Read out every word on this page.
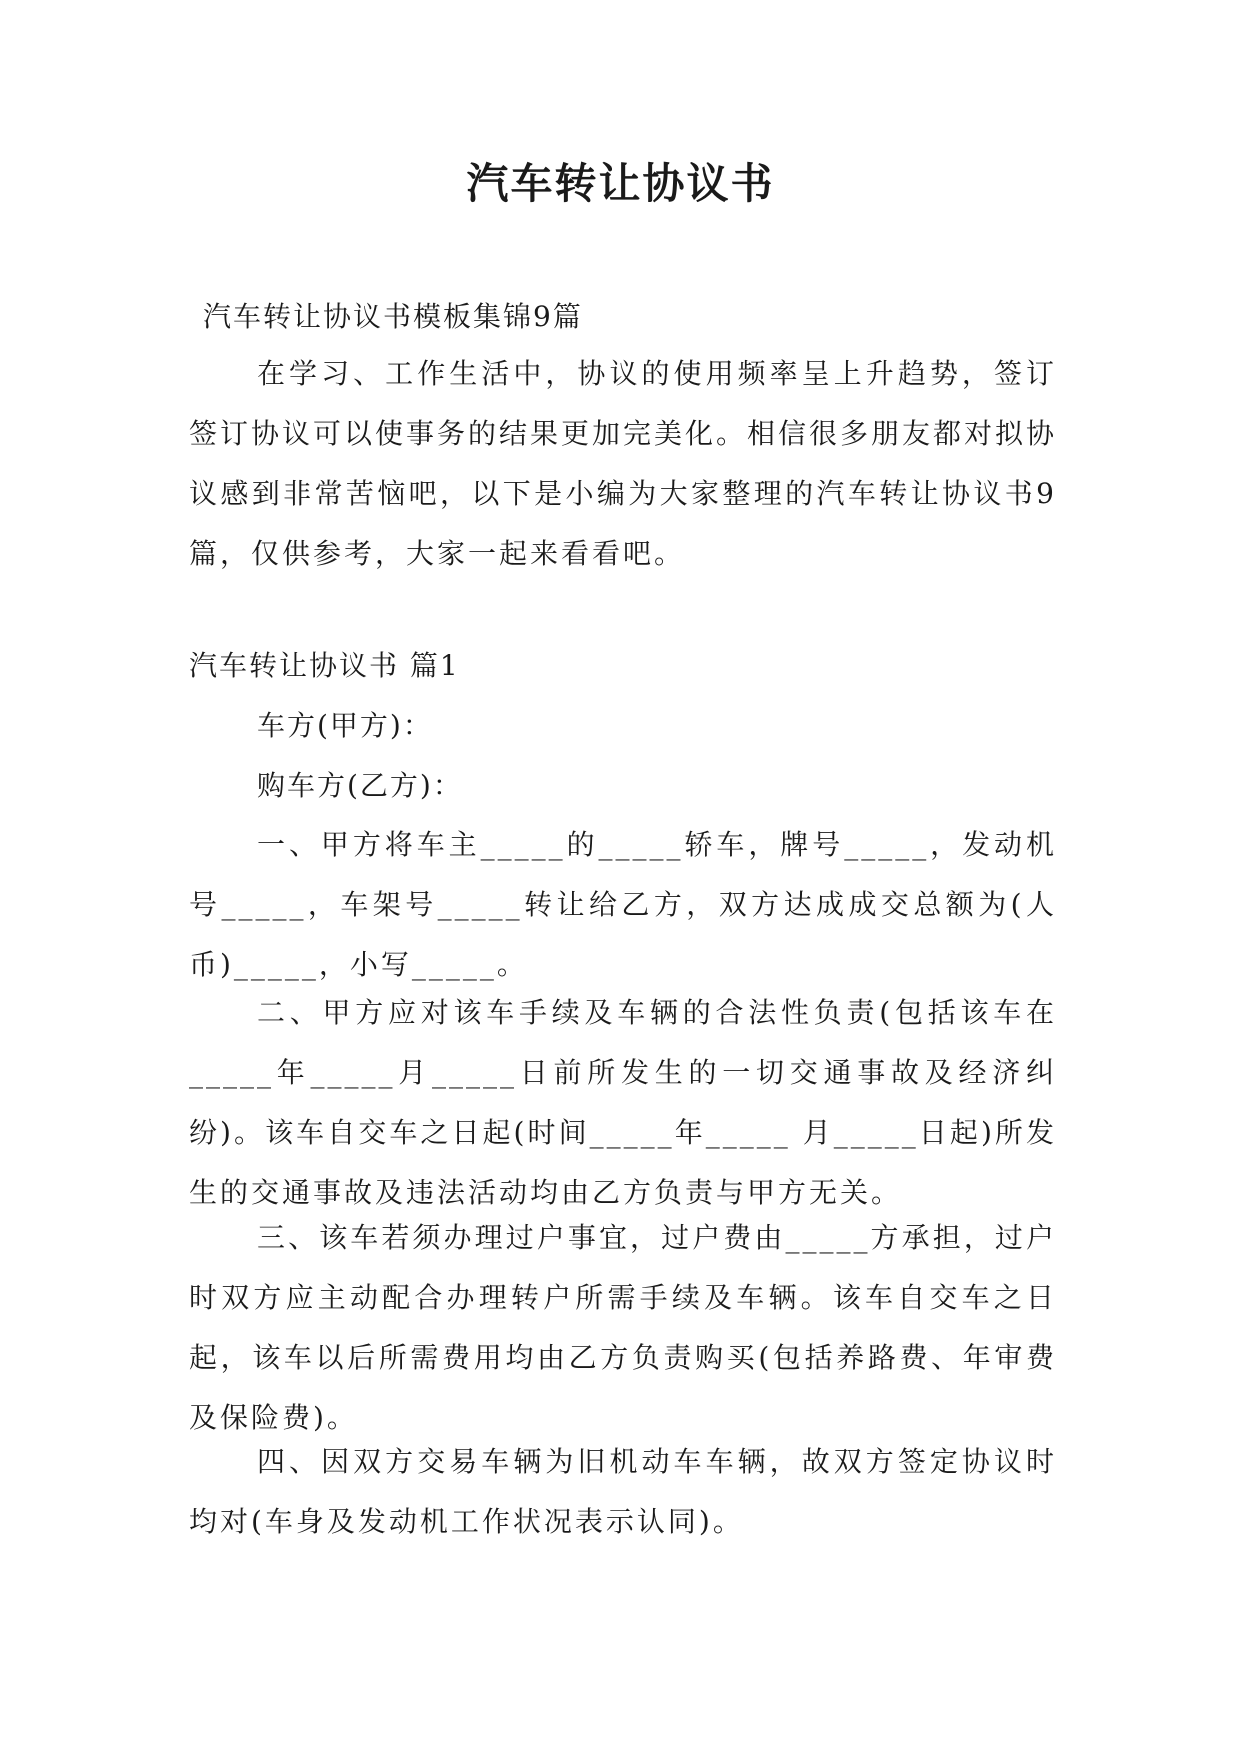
汽车转让协议书
汽车转让协议书模板集锦9篇

在学习、工作生活中，协议的使用频率呈上升趋势，签订签订协议可以使事务的结果更加完美化。相信很多朋友都对拟协议感到非常苦恼吧，以下是小编为大家整理的汽车转让协议书9篇，仅供参考，大家一起来看看吧。

汽车转让协议书 篇1
车方(甲方)：
购车方(乙方)：

一、甲方将车主_____的_____轿车，牌号_____，发动机号_____，车架号_____转让给乙方，双方达成成交总额为(人币)_____，小写_____。

二、甲方应对该车手续及车辆的合法性负责(包括该车在_____年_____月_____日前所发生的一切交通事故及经济纠纷)。该车自交车之日起(时间_____年_____ 月_____日起)所发生的交通事故及违法活动均由乙方负责与甲方无关。

三、该车若须办理过户事宜，过户费由_____方承担，过户时双方应主动配合办理转户所需手续及车辆。该车自交车之日起，该车以后所需费用均由乙方负责购买(包括养路费、年审费及保险费)。

四、因双方交易车辆为旧机动车车辆，故双方签定协议时均对(车身及发动机工作状况表示认同)。
